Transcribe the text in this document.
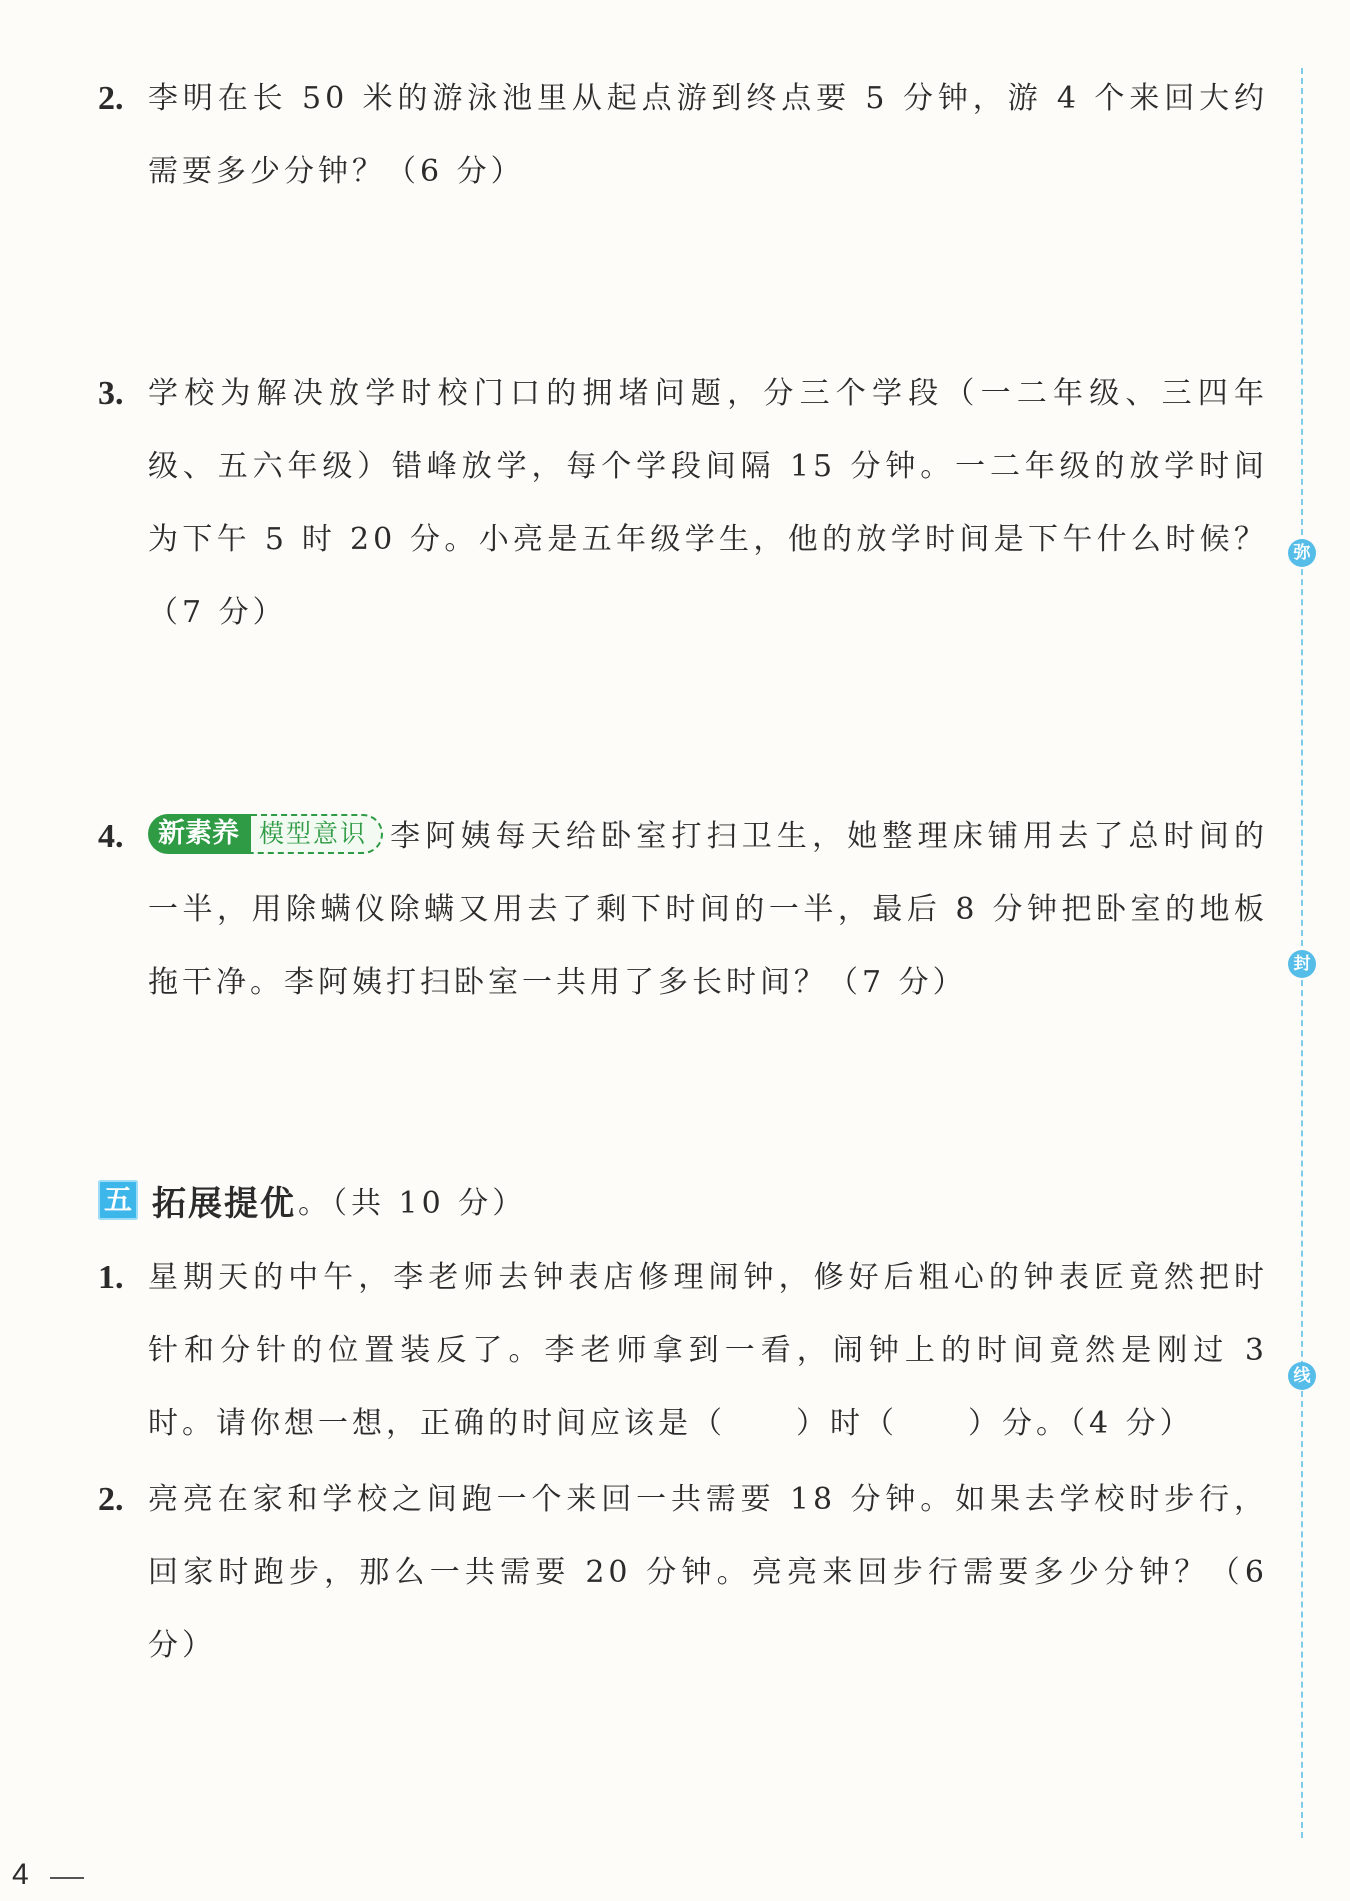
2. 李明在长 50 米的游泳池里从起点游到终点要 5 分钟，游 4 个来回大约需要多少分钟？（6 分）
3. 学校为解决放学时校门口的拥堵问题，分三个学段（一二年级、三四年级、五六年级）错峰放学，每个学段间隔 15 分钟。一二年级的放学时间为下午 5 时 20 分。小亮是五年级学生，他的放学时间是下午什么时候？（7 分）
4.	新素养 模型意识 李阿姨每天给卧室打扫卫生，她整理床铺用去了总时间的一半，用除螨仪除螨又用去了剩下时间的一半，最后 8 分钟把卧室的地板拖干净。李阿姨打扫卧室一共用了多长时间？（7 分）
五 拓展提优 。（共 10 分）
1. 星期天的中午，李老师去钟表店修理闹钟，修好后粗心的钟表匠竟然把时针和分针的位置装反了。李老师拿到一看，闹钟上的时间竟然是刚过 3 时。请你想一想，正确的时间应该是（ ）时（ ）分。（4 分）
2. 亮亮在家和学校之间跑一个来回一共需要 18 分钟。如果去学校时步行，回家时跑步，那么一共需要 20 分钟。亮亮来回步行需要多少分钟？（6 分）
弥
封
线
4
